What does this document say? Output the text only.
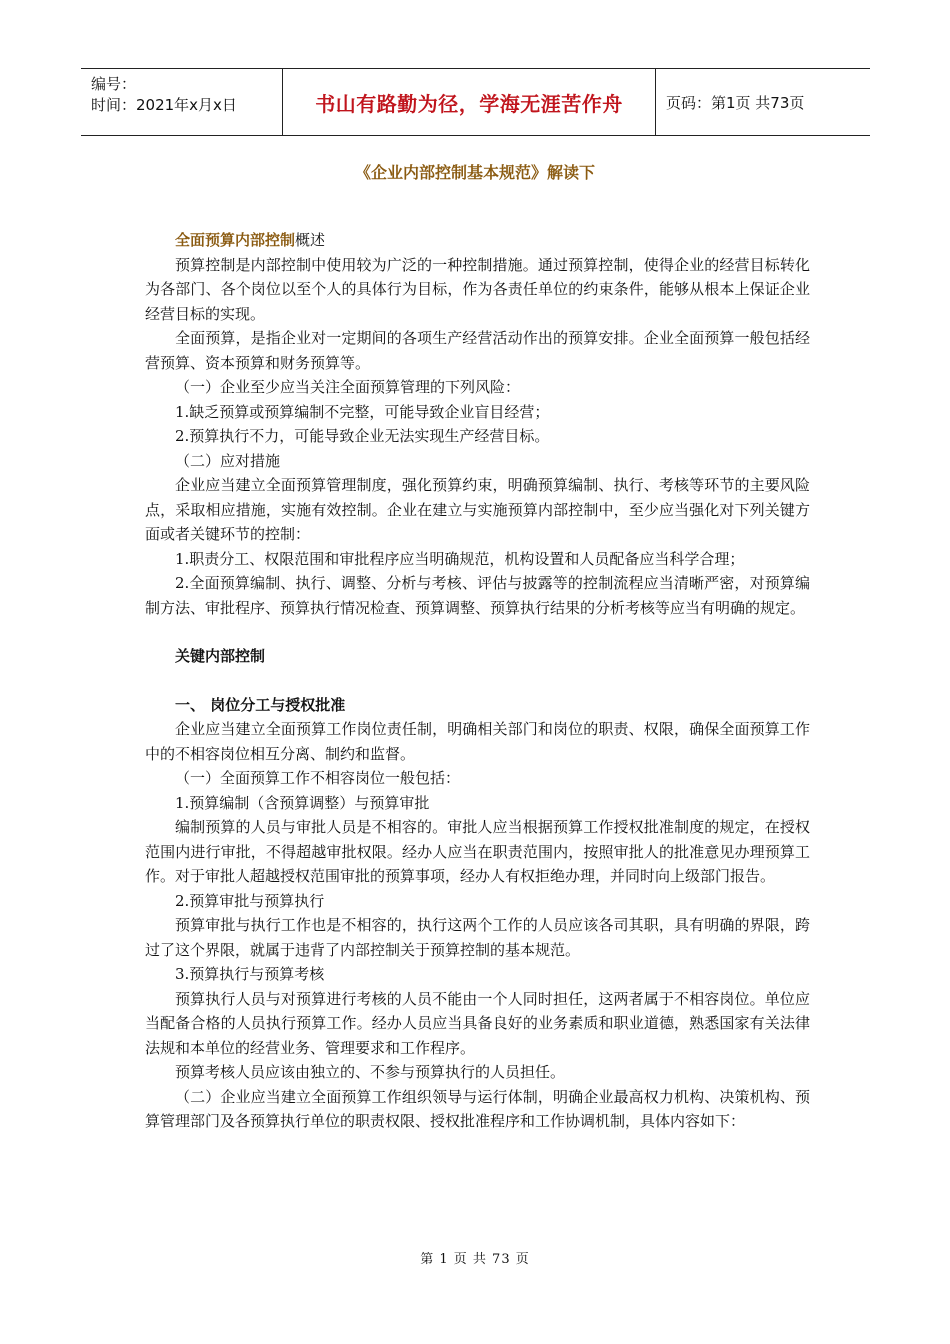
编号：
时间：2021年x月x日	书山有路勤为径，学海无涯苦作舟	页码：第1页 共73页
《企业内部控制基本规范》解读下

全面预算内部控制概述

预算控制是内部控制中使用较为广泛的一种控制措施。通过预算控制，使得企业的经营目标转化为各部门、各个岗位以至个人的具体行为目标，作为各责任单位的约束条件，能够从根本上保证企业经营目标的实现。

全面预算，是指企业对一定期间的各项生产经营活动作出的预算安排。企业全面预算一般包括经营预算、资本预算和财务预算等。

（一）企业至少应当关注全面预算管理的下列风险：

1.缺乏预算或预算编制不完整，可能导致企业盲目经营；

2.预算执行不力，可能导致企业无法实现生产经营目标。

（二）应对措施

企业应当建立全面预算管理制度，强化预算约束，明确预算编制、执行、考核等环节的主要风险点，采取相应措施，实施有效控制。企业在建立与实施预算内部控制中，至少应当强化对下列关键方面或者关键环节的控制：

1.职责分工、权限范围和审批程序应当明确规范，机构设置和人员配备应当科学合理；

2.全面预算编制、执行、调整、分析与考核、评估与披露等的控制流程应当清晰严密，对预算编制方法、审批程序、预算执行情况检查、预算调整、预算执行结果的分析考核等应当有明确的规定。

关键内部控制

一、 岗位分工与授权批准

企业应当建立全面预算工作岗位责任制，明确相关部门和岗位的职责、权限，确保全面预算工作中的不相容岗位相互分离、制约和监督。

（一）全面预算工作不相容岗位一般包括：

1.预算编制（含预算调整）与预算审批

编制预算的人员与审批人员是不相容的。审批人应当根据预算工作授权批准制度的规定，在授权范围内进行审批，不得超越审批权限。经办人应当在职责范围内，按照审批人的批准意见办理预算工作。对于审批人超越授权范围审批的预算事项，经办人有权拒绝办理，并同时向上级部门报告。

2.预算审批与预算执行

预算审批与执行工作也是不相容的，执行这两个工作的人员应该各司其职，具有明确的界限，跨过了这个界限，就属于违背了内部控制关于预算控制的基本规范。

3.预算执行与预算考核

预算执行人员与对预算进行考核的人员不能由一个人同时担任，这两者属于不相容岗位。单位应当配备合格的人员执行预算工作。经办人员应当具备良好的业务素质和职业道德，熟悉国家有关法律法规和本单位的经营业务、管理要求和工作程序。

预算考核人员应该由独立的、不参与预算执行的人员担任。

（二）企业应当建立全面预算工作组织领导与运行体制，明确企业最高权力机构、决策机构、预算管理部门及各预算执行单位的职责权限、授权批准程序和工作协调机制，具体内容如下：

第 1 页 共 73 页
